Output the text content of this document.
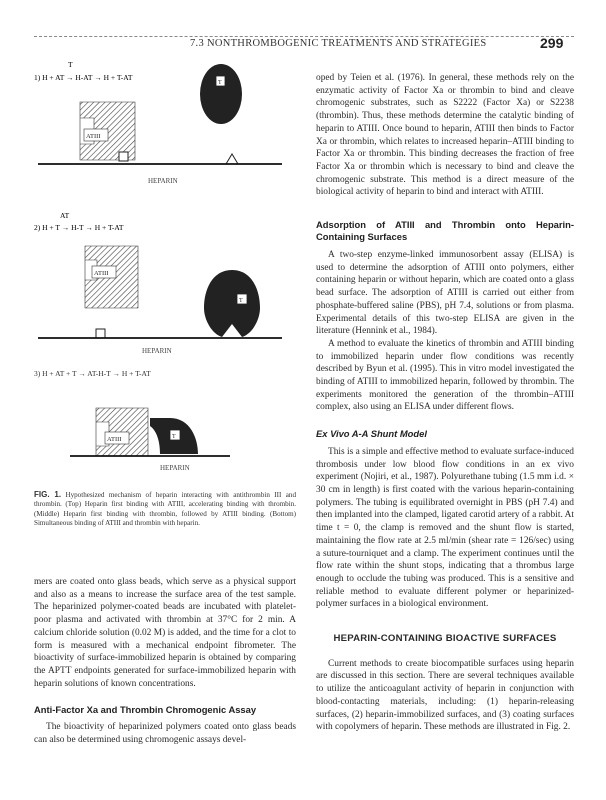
7.3 NONTHROMBOGENIC TREATMENTS AND STRATEGIES	299
T
1) H + AT → H-AT → H + T-AT
T
ATIII
HEPARIN
AT
2) H + T → H-T → H + T-AT
ATIII
T
HEPARIN
3) H + AT + T → AT-H-T → H + T-AT
ATIII	T
HEPARIN
FIG. 1. Hypothesized mechanism of heparin interacting with antithrombin III and thrombin. (Top) Heparin first binding with ATIII, accelerating binding with thrombin. (Middle) Heparin first binding with thrombin, followed by ATIII binding. (Bottom) Simultaneous binding of ATIII and thrombin with heparin.

mers are coated onto glass beads, which serve as a physical support and also as a means to increase the surface area of the test sample. The heparinized polymer-coated beads are incubated with platelet-poor plasma and activated with thrombin at 37°C for 2 min. A calcium chloride solution (0.02 M) is added, and the time for a clot to form is measured with a mechanical endpoint fibrometer. The bioactivity of surface-immobilized heparin is obtained by comparing the APTT endpoints generated for surface-immobilized heparin with heparin solutions of known concentrations.

Anti-Factor Xa and Thrombin Chromogenic Assay

The bioactivity of heparinized polymers coated onto glass beads can also be determined using chromogenic assays devel-

oped by Teien et al. (1976). In general, these methods rely on the enzymatic activity of Factor Xa or thrombin to bind and cleave chromogenic substrates, such as S2222 (Factor Xa) or S2238 (thrombin). Thus, these methods determine the catalytic binding of heparin to ATIII. Once bound to heparin, ATIII then binds to Factor Xa or thrombin, which relates to increased heparin–ATIII binding to Factor Xa or thrombin. This binding decreases the fraction of free Factor Xa or thrombin which is necessary to bind and cleave the chromogenic substrate. This method is a direct measure of the biological activity of heparin to bind and interact with ATIII.

Adsorption of ATIII and Thrombin onto Heparin-Containing Surfaces

A two-step enzyme-linked immunosorbent assay (ELISA) is used to determine the adsorption of ATIII onto polymers, either containing heparin or without heparin, which are coated onto a glass bead surface. The adsorption of ATIII is carried out either from phosphate-buffered saline (PBS), pH 7.4, solutions or from plasma. Experimental details of this two-step ELISA are given in the literature (Hennink et al., 1984).

A method to evaluate the kinetics of thrombin and ATIII binding to immobilized heparin under flow conditions was recently described by Byun et al. (1995). This in vitro model investigated the binding of ATIII to immobilized heparin, followed by thrombin. The experiments monitored the generation of the thrombin–ATIII complex, also using an ELISA under different flows.

Ex Vivo A-A Shunt Model

This is a simple and effective method to evaluate surface-induced thrombosis under low blood flow conditions in an ex vivo experiment (Nojiri, et al., 1987). Polyurethane tubing (1.5 mm i.d. × 30 cm in length) is first coated with the various heparin-containing polymers. The tubing is equilibrated overnight in PBS (pH 7.4) and then implanted into the clamped, ligated carotid artery of a rabbit. At time t = 0, the clamp is removed and the shunt flow is started, maintaining the flow rate at 2.5 ml/min (shear rate = 126/sec) using a suture-tourniquet and a clamp. The experiment continues until the flow rate within the shunt stops, indicating that a thrombus large enough to occlude the tubing was produced. This is a sensitive and reliable method to evaluate different polymer or heparinized-polymer surfaces in a biological environment.

HEPARIN-CONTAINING BIOACTIVE SURFACES

Current methods to create biocompatible surfaces using heparin are discussed in this section. There are several techniques available to utilize the anticoagulant activity of heparin in conjunction with blood-contacting materials, including: (1) heparin-releasing surfaces, (2) heparin-immobilized surfaces, and (3) coating surfaces with copolymers of heparin. These methods are illustrated in Fig. 2.
